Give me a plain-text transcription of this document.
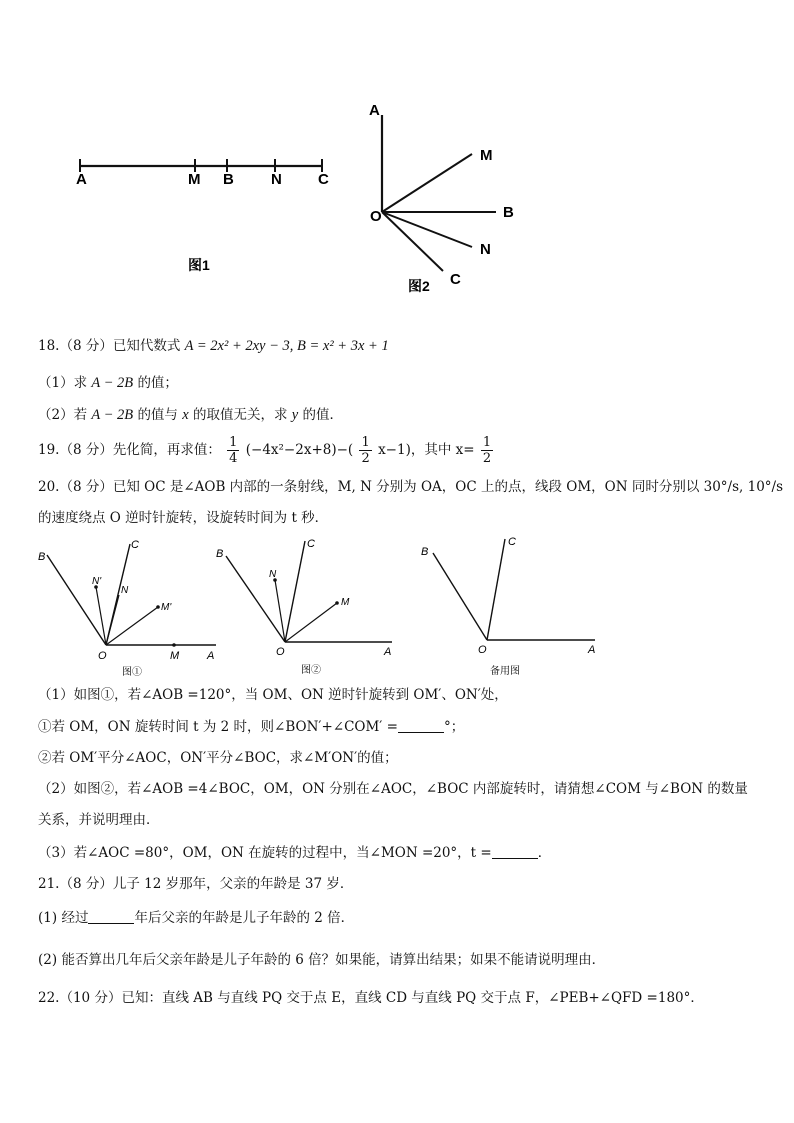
A	M B N C
图1
A
M
B
N
C
O
图2
18.（8 分）已知代数式 A = 2x² + 2xy − 3, B = x² + 3x + 1
（1）求 A − 2B 的值；
（2）若 A − 2B 的值与 x 的取值无关，求 y 的值．
19.（8 分）先化简，再求值： $\frac{1}{4} (-4x^2-2x+8)-( \frac{1}{2} x-1)$，其中 $x= \frac{1}{2}$
20.（8 分）已知 OC 是∠AOB 内部的一条射线，M, N 分别为 OA，OC 上的点，线段 OM，ON 同时分别以 30°/s, 10°/s
的速度绕点 O 逆时针旋转，设旋转时间为 t 秒．
B
C
N'
N
M'
O	M	A
图①
B
C
N
M
O	A
图②
B
C
O	A
备用图
（1）如图①，若∠AOB =120°，当 OM、ON 逆时针旋转到 OM′、ON′处，
①若 OM，ON 旋转时间 t 为 2 时，则∠BON′+∠COM′ =	°；
②若 OM′平分∠AOC，ON′平分∠BOC，求∠M′ON′的值；
（2）如图②，若∠AOB =4∠BOC，OM，ON 分别在∠AOC，∠BOC 内部旋转时，请猜想∠COM 与∠BON 的数量
关系，并说明理由．
（3）若∠AOC =80°，OM，ON 在旋转的过程中，当∠MON =20°，t =	．
21.（8 分）儿子 12 岁那年，父亲的年龄是 37 岁．
(1) 经过	年后父亲的年龄是儿子年龄的 2 倍．
(2) 能否算出几年后父亲年龄是儿子年龄的 6 倍？如果能，请算出结果；如果不能请说明理由．
22.（10 分）已知：直线 AB 与直线 PQ 交于点 E，直线 CD 与直线 PQ 交于点 F，∠PEB+∠QFD =180°．
